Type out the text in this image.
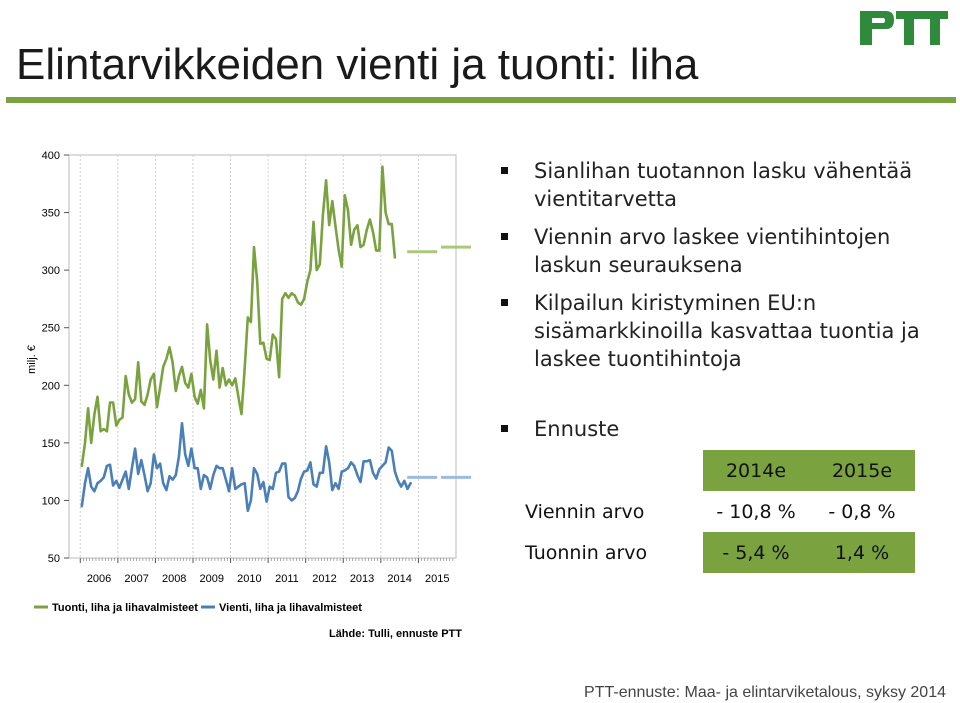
Elintarvikkeiden vienti ja tuonti: liha
50
100
150
200
250
300
350
400
2006 2007 2008 2009 2010 2011 2012 2013 2014 2015
milj. €
Tuonti, liha ja lihavalmisteet Vienti, liha ja lihavalmisteet
Lähde: Tulli, ennuste PTT
Sianlihan tuotannon lasku vähentää vientitarvetta
Viennin arvo laskee vientihintojen laskun seurauksena
Kilpailun kiristyminen EU:n sisämarkkinoilla kasvattaa tuontia ja laskee tuontihintoja
Ennuste
	2014e	2015e
Viennin arvo	- 10,8 %	- 0,8 %
Tuonnin arvo	- 5,4 %	1,4 %
PTT-ennuste: Maa- ja elintarviketalous, syksy 2014
